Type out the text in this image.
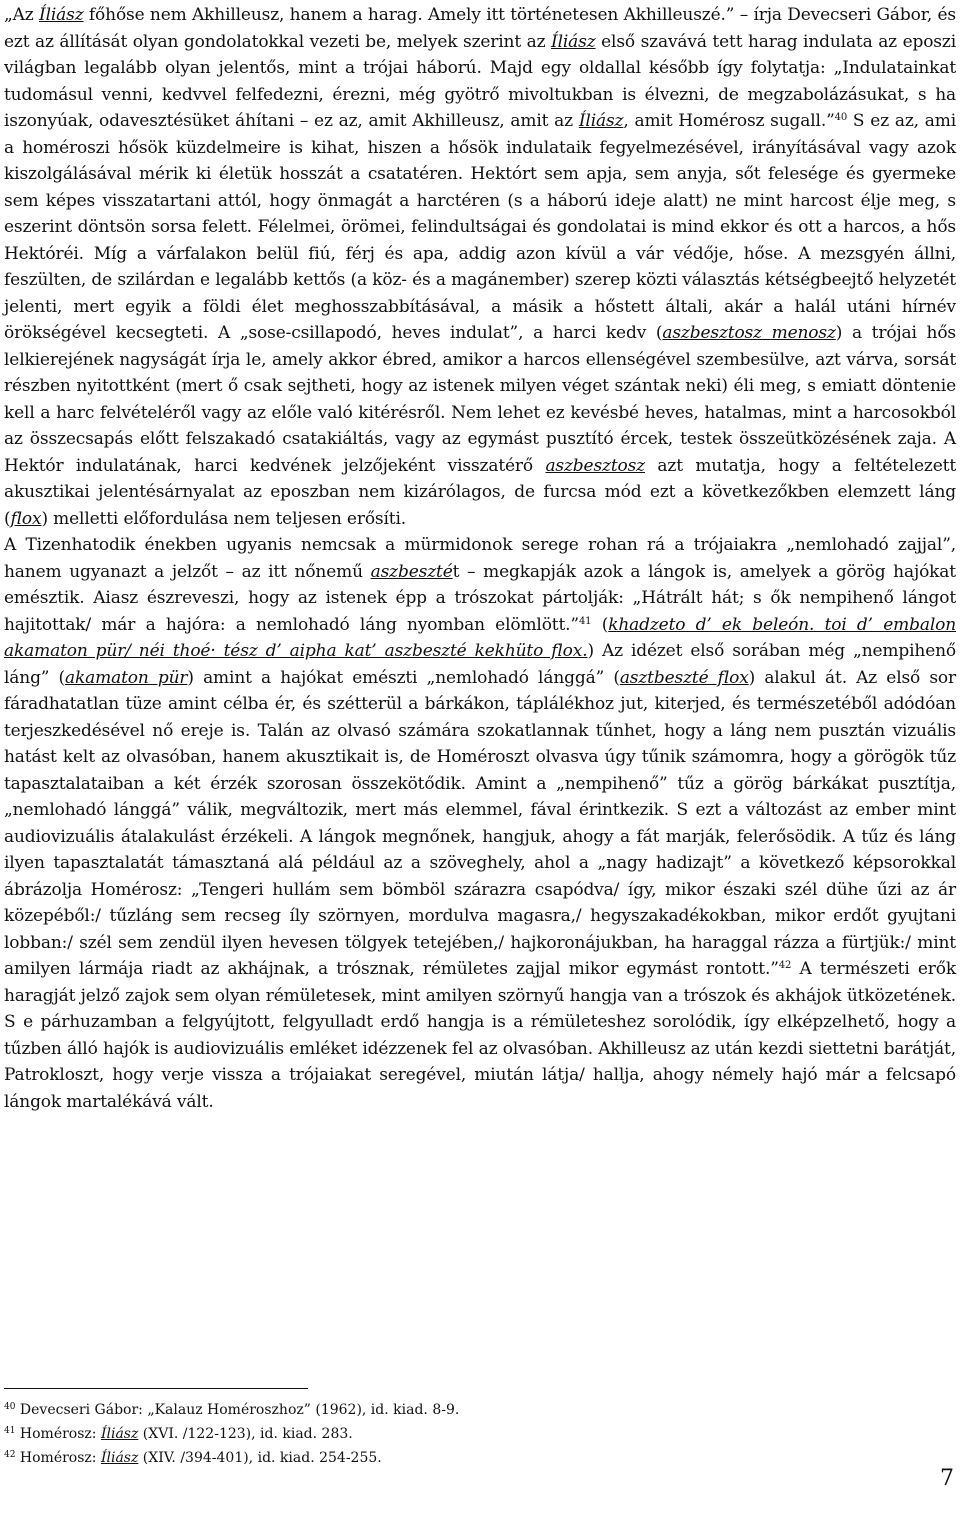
„Az Íliász főhőse nem Akhilleusz, hanem a harag. Amely itt történetesen Akhilleuszé.” – írja Devecseri Gábor, és ezt az állítását olyan gondolatokkal vezeti be, melyek szerint az Íliász első szavává tett harag indulata az eposzi világban legalább olyan jelentős, mint a trójai háború. Majd egy oldallal később így folytatja: „Indulatainkat tudomásul venni, kedvvel felfedezni, érezni, még gyötrő mivoltukban is élvezni, de megzabolázásukat, s ha iszonyúak, odavesztésüket áhítani – ez az, amit Akhilleusz, amit az Íliász, amit Homérosz sugall.”$^{40}$ S ez az, ami a homéroszi hősök küzdelmeire is kihat, hiszen a hősök indulataik fegyelmezésével, irányításával vagy azok kiszolgálásával mérik ki életük hosszát a csatatéren. Hektórt sem apja, sem anyja, sőt felesége és gyermeke sem képes visszatartani attól, hogy önmagát a harctéren (s a háború ideje alatt) ne mint harcost élje meg, s eszerint döntsön sorsa felett. Félelmei, örömei, felindultságai és gondolatai is mind ekkor és ott a harcos, a hős Hektóréi. Míg a várfalakon belül fiú, férj és apa, addig azon kívül a vár védője, hőse. A mezsgyén állni, feszülten, de szilárdan e legalább kettős (a köz- és a magánember) szerep közti választás kétségbeejtő helyzetét jelenti, mert egyik a földi élet meghosszabbításával, a másik a hőstett általi, akár a halál utáni hírnév örökségével kecsegteti. A „sose-csillapodó, heves indulat”, a harci kedv (aszbesztosz menosz) a trójai hős lelkierejének nagyságát írja le, amely akkor ébred, amikor a harcos ellenségével szembesülve, azt várva, sorsát részben nyitottként (mert ő csak sejtheti, hogy az istenek milyen véget szántak neki) éli meg, s emiatt döntenie kell a harc felvételéről vagy az előle való kitérésről. Nem lehet ez kevésbé heves, hatalmas, mint a harcosokból az összecsapás előtt felszakadó csatakiáltás, vagy az egymást pusztító ércek, testek összeütközésének zaja. A Hektór indulatának, harci kedvének jelzőjeként visszatérő aszbesztosz azt mutatja, hogy a feltételezett akusztikai jelentésárnyalat az eposzban nem kizárólagos, de furcsa mód ezt a következőkben elemzett láng (flox) melletti előfordulása nem teljesen erősíti.

A Tizenhatodik énekben ugyanis nemcsak a mürmidonok serege rohan rá a trójaiakra „nemlohadó zajjal”, hanem ugyanazt a jelzőt – az itt nőnemű aszbesztét – megkapják azok a lángok is, amelyek a görög hajókat emésztik. Aiasz észreveszi, hogy az istenek épp a trószokat pártolják: „Hátrált hát; s ők nempihenő lángot hajitottak/ már a hajóra: a nemlohadó láng nyomban elömlött.”$^{41}$ (khadzeto d’ ek beleón. toi d’ embalon akamaton pür/ néi thoé· tész d’ aipha kat’ aszbeszté kekhüto flox.) Az idézet első sorában még „nempihenő láng” (akamaton pür) amint a hajókat emészti „nemlohadó lánggá” (asztbeszté flox) alakul át. Az első sor fáradhatatlan tüze amint célba ér, és szétterül a bárkákon, táplálékhoz jut, kiterjed, és természetéből adódóan terjeszkedésével nő ereje is. Talán az olvasó számára szokatlannak tűnhet, hogy a láng nem pusztán vizuális hatást kelt az olvasóban, hanem akusztikait is, de Homéroszt olvasva úgy tűnik számomra, hogy a görögök tűz tapasztalataiban a két érzék szorosan összekötődik. Amint a „nempihenő” tűz a görög bárkákat pusztítja, „nemlohadó lánggá” válik, megváltozik, mert más elemmel, fával érintkezik. S ezt a változást az ember mint audiovizuális átalakulást érzékeli. A lángok megnőnek, hangjuk, ahogy a fát marják, felerősödik. A tűz és láng ilyen tapasztalatát támasztaná alá például az a szöveghely, ahol a „nagy hadizajt” a következő képsorokkal ábrázolja Homérosz: „Tengeri hullám sem bömböl szárazra csapódva/ így, mikor északi szél dühe űzi az ár közepéből:/ tűzláng sem recseg íly szörnyen, mordulva magasra,/ hegyszakadékokban, mikor erdőt gyujtani lobban:/ szél sem zendül ilyen hevesen tölgyek tetejében,/ hajkoronájukban, ha haraggal rázza a fürtjük:/ mint amilyen lármája riadt az akhájnak, a trósznak, rémületes zajjal mikor egymást rontott.”$^{42}$ A természeti erők haragját jelző zajok sem olyan rémületesek, mint amilyen szörnyű hangja van a trószok és akhájok ütközetének. S e párhuzamban a felgyújtott, felgyulladt erdő hangja is a rémületeshez sorolódik, így elképzelhető, hogy a tűzben álló hajók is audiovizuális emléket idézzenek fel az olvasóban. Akhilleusz az után kezdi siettetni barátját, Patrokloszt, hogy verje vissza a trójaiakat seregével, miután látja/ hallja, ahogy némely hajó már a felcsapó lángok martalékává vált.

$^{40}$ Devecseri Gábor: „Kalauz Homéroszhoz” (1962), id. kiad. 8-9.
$^{41}$ Homérosz: Íliász (XVI. /122-123), id. kiad. 283.
$^{42}$ Homérosz: Íliász (XIV. /394-401), id. kiad. 254-255.
7
